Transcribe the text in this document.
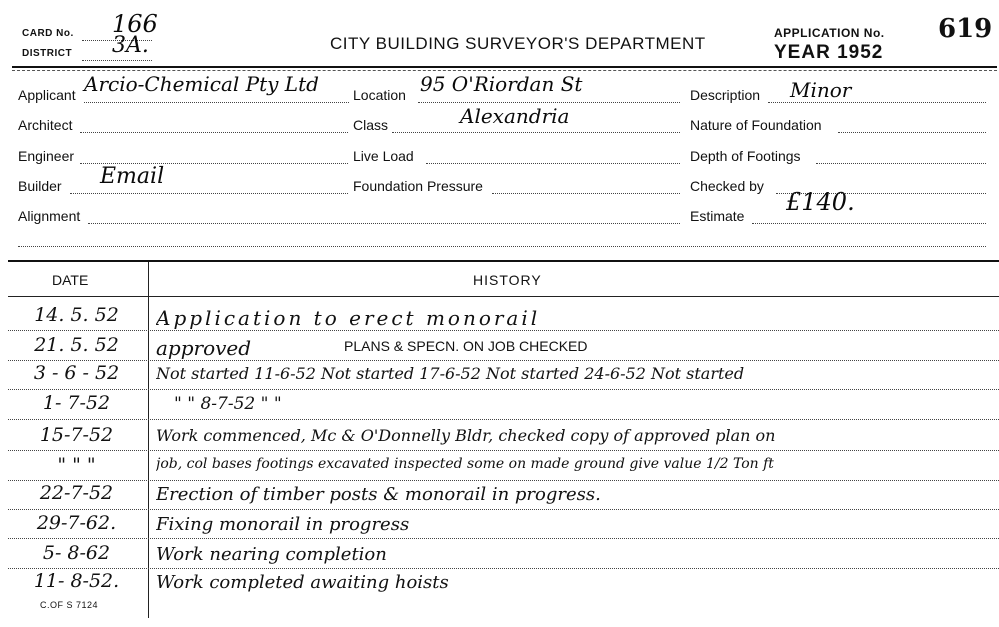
CARD No. 166
DISTRICT 3A.	CITY BUILDING SURVEYOR'S DEPARTMENT
APPLICATION No. 619
YEAR 1952
Applicant Arcio-Chemical Pty Ltd Location 95 O'Riordan St	Description Minor
Architect	Class	Alexandria	Nature of Foundation
Engineer	Live Load	Depth of Footings
Builder Email	Foundation Pressure	Checked by
Alignment	Estimate £140.
DATE	HISTORY
14. 5. 52	Application to erect monorail
21. 5. 52	approved	PLANS & SPECN. ON JOB CHECKED
3 - 6 - 52	Not started 11-6-52 Not started 17-6-52 Not started 24-6-52 Not started
1- 7-52	" " 8-7-52 " "
15-7-52	Work commenced, Mc & O'Donnelly Bldr, checked copy of approved plan on
" " "	job, col bases footings excavated inspected some on made ground give value 1/2 Ton ft
22-7-52	Erection of timber posts & monorail in progress.
29-7-62.	Fixing monorail in progress
5- 8-62	Work nearing completion
11- 8-52.	Work completed awaiting hoists
C.OF S 7124
